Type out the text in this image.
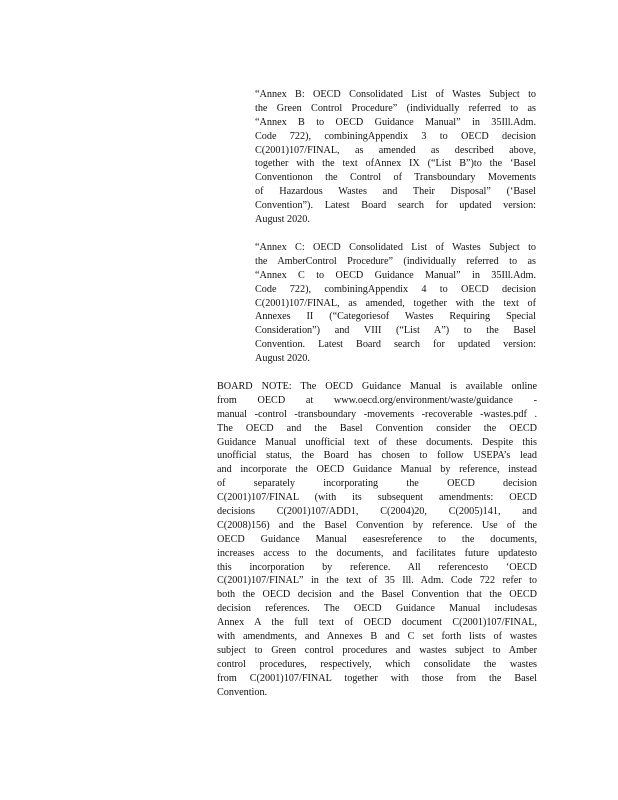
“Annex B: OECD Consolidated List of Wastes Subject to
the Green Control Procedure” (individually referred to as
“Annex B to OECD Guidance Manual” in 35Ill.Adm.
Code 722), combiningAppendix 3 to OECD decision
C(2001)107/FINAL, as amended as described above,
together with the text ofAnnex IX (“List B”)to the ‘Basel
Conventionon the Control of Transboundary Movements
of Hazardous Wastes and Their Disposal” (‘Basel
Convention”). Latest Board search for updated version:
August 2020.
“Annex C: OECD Consolidated List of Wastes Subject to
the AmberControl Procedure” (individually referred to as
“Annex C to OECD Guidance Manual” in 35Ill.Adm.
Code 722), combiningAppendix 4 to OECD decision
C(2001)107/FINAL, as amended, together with the text of
Annexes II (“Categoriesof Wastes Requiring Special
Consideration”) and VIII (“List A”) to the Basel
Convention. Latest Board search for updated version:
August 2020.
BOARD NOTE: The OECD Guidance Manual is available online
from OECD at www.oecd.org/environment/waste/guidance -
manual -control -transboundary -movements -recoverable -wastes.pdf .
The OECD and the Basel Convention consider the OECD
Guidance Manual unofficial text of these documents. Despite this
unofficial status, the Board has chosen to follow USEPA’s lead
and incorporate the OECD Guidance Manual by reference, instead
of separately incorporating the OECD decision
C(2001)107/FINAL (with its subsequent amendments: OECD
decisions C(2001)107/ADD1, C(2004)20, C(2005)141, and
C(2008)156) and the Basel Convention by reference. Use of the
OECD Guidance Manual easesreference to the documents,
increases access to the documents, and facilitates future updatesto
this incorporation by reference. All referencesto ‘OECD
C(2001)107/FINAL” in the text of 35 Ill. Adm. Code 722 refer to
both the OECD decision and the Basel Convention that the OECD
decision references. The OECD Guidance Manual includesas
Annex A the full text of OECD document C(2001)107/FINAL,
with amendments, and Annexes B and C set forth lists of wastes
subject to Green control procedures and wastes subject to Amber
control procedures, respectively, which consolidate the wastes
from C(2001)107/FINAL together with those from the Basel
Convention.
